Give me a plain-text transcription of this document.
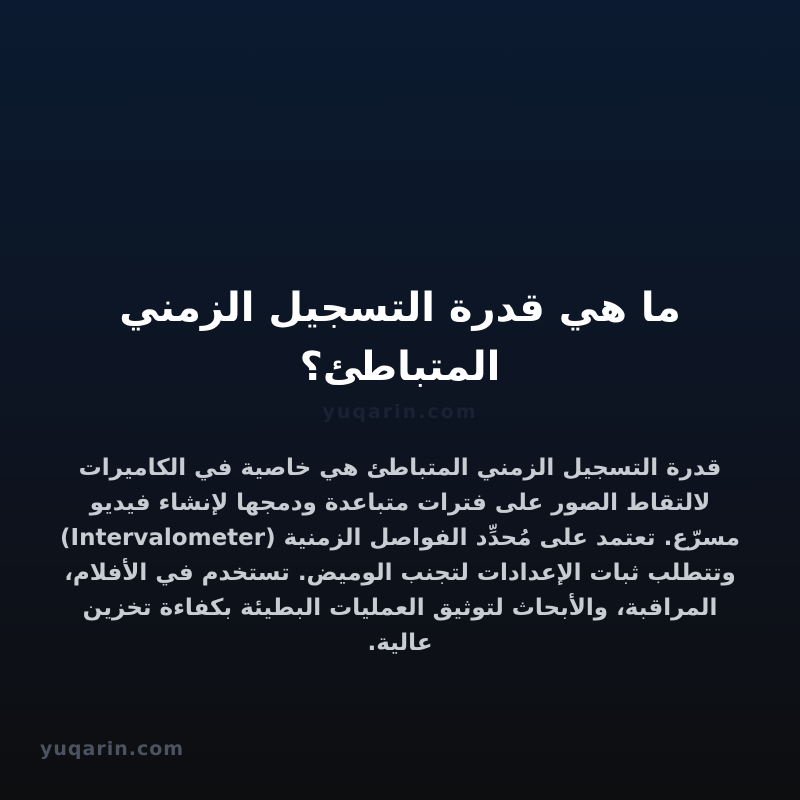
ما هي قدرة التسجيل الزمني
المتباطئ؟
yuqarin.com

قدرة التسجيل الزمني المتباطئ هي خاصية في الكاميرات لالتقاط الصور على فترات متباعدة ودمجها لإنشاء فيديو مسرّع. تعتمد على مُحدِّد الفواصل الزمنية (Intervalometer) وتتطلب ثبات الإعدادات لتجنب الوميض. تستخدم في الأفلام، المراقبة، والأبحاث لتوثيق العمليات البطيئة بكفاءة تخزين عالية.

yuqarin.com
